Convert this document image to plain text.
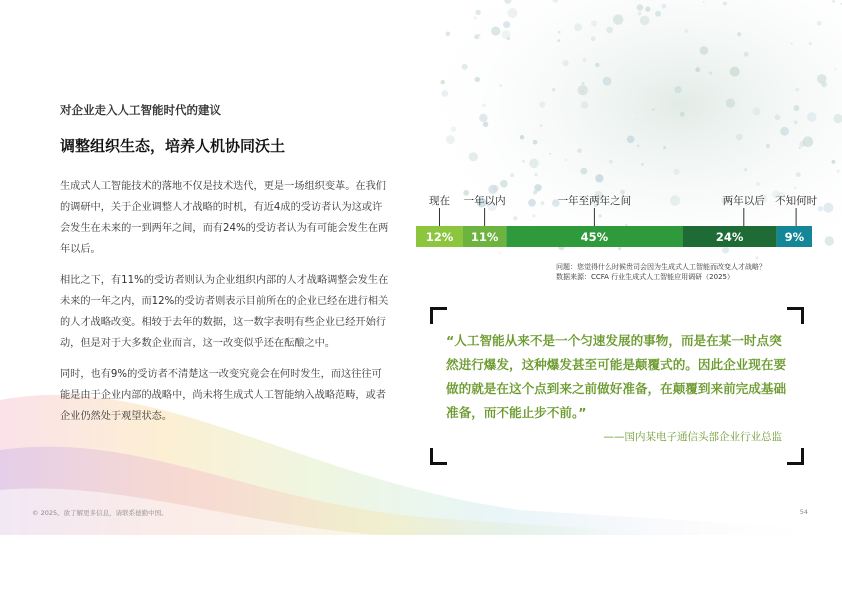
对企业走入人工智能时代的建议
调整组织生态，培养人机协同沃土

生成式人工智能技术的落地不仅是技术迭代，更是一场组织变革。在我们的调研中，关于企业调整人才战略的时机，有近4成的受访者认为这或许会发生在未来的一到两年之间，而有24%的受访者认为有可能会发生在两年以后。

相比之下，有11%的受访者则认为企业组织内部的人才战略调整会发生在未来的一年之内，而12%的受访者则表示目前所在的企业已经在进行相关的人才战略改变。相较于去年的数据，这一数字表明有些企业已经开始行动，但是对于大多数企业而言，这一改变似乎还在酝酿之中。

同时，也有9%的受访者不清楚这一改变究竟会在何时发生，而这往往可能是由于企业内部的战略中，尚未将生成式人工智能纳入战略范畴，或者企业仍然处于观望状态。

12%
现在
11%
一年以内
45%
一年至两年之间
24%
两年以后
9%
不知何时
问题：您觉得什么时候贵司会因为生成式人工智能而改变人才战略？
数据来源：CCFA 行业生成式人工智能应用调研（2025）
“人工智能从来不是一个匀速发展的事物，而是在某一时点突然进行爆发，这种爆发甚至可能是颠覆式的。因此企业现在要做的就是在这个点到来之前做好准备，在颠覆到来前完成基础准备，而不能止步不前。”
——国内某电子通信头部企业行业总监
© 2025。欲了解更多信息，请联系德勤中国。	54
